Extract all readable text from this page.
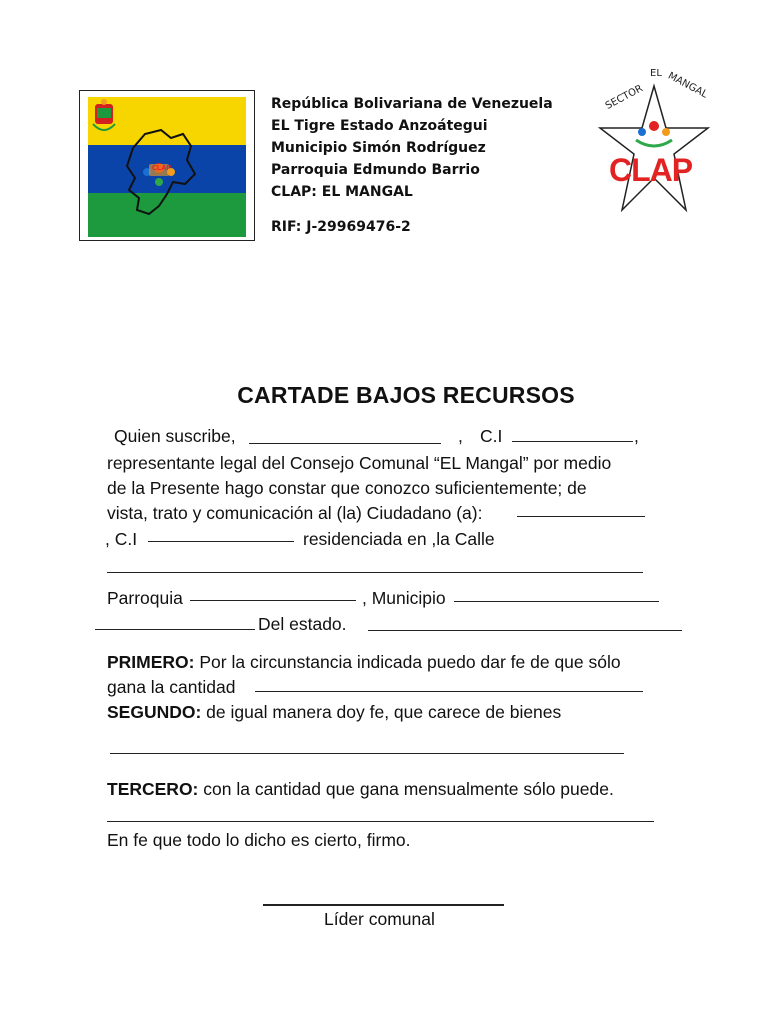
CLAP
República Bolivariana de Venezuela
EL Tigre Estado Anzoátegui
Municipio Simón Rodríguez
Parroquia Edmundo Barrio
CLAP: EL MANGAL
RIF: J-29969476-2
SECTOR
EL MANGAL
CLAP
CARTADE BAJOS RECURSOS
Quien suscribe,	, C.I	,
representante legal del Consejo Comunal “EL Mangal” por medio
de la Presente hago constar que conozco suficientemente; de
vista, trato y comunicación al (la) Ciudadano (a):
, C.I	residenciada en ,la Calle
Parroquia	, Municipio
Del estado.
PRIMERO: Por la circunstancia indicada puedo dar fe de que sólo
gana la cantidad
SEGUNDO: de igual manera doy fe, que carece de bienes
TERCERO: con la cantidad que gana mensualmente sólo puede.
En fe que todo lo dicho es cierto, firmo.
Líder comunal
